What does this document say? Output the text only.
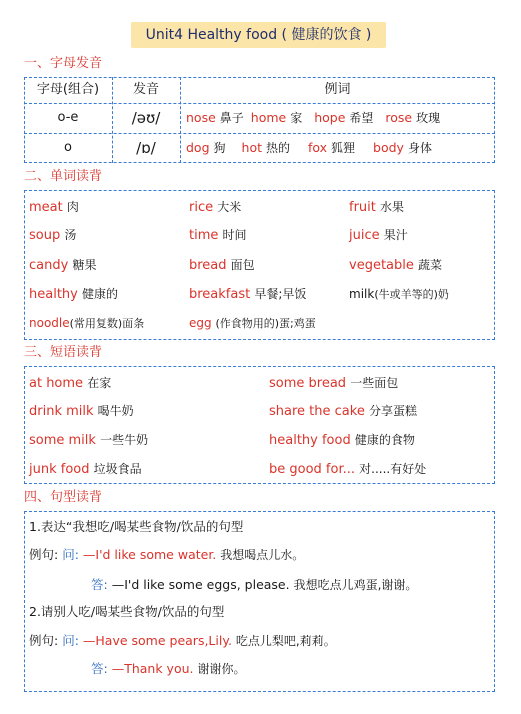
Unit4 Healthy food ( 健康的饮食 )
一、字母发音
字母(组合)	发音	例词
o-e	/əʊ/	nose 鼻子 home 家 hope 希望 rose 玫瑰
o	/ɒ/	dog 狗 hot 热的 fox 狐狸 body 身体
二、单词读背
meat 肉	rice 大米	fruit 水果
soup 汤	time 时间	juice 果汁
candy 糖果	bread 面包	vegetable 蔬菜
healthy 健康的	breakfast 早餐;早饭	milk(牛或羊等的)奶
noodle(常用复数)面条	egg (作食物用的)蛋;鸡蛋
三、短语读背
at home 在家	some bread 一些面包
drink milk 喝牛奶	share the cake 分享蛋糕
some milk 一些牛奶	healthy food 健康的食物
junk food 垃圾食品	be good for... 对.....有好处
四、句型读背
1.表达“我想吃/喝某些食物/饮品的句型
例句: 问: —I'd like some water. 我想喝点儿水。
答: —I'd like some eggs, please. 我想吃点儿鸡蛋,谢谢。
2.请别人吃/喝某些食物/饮品的句型
例句: 问: —Have some pears,Lily. 吃点儿梨吧,莉莉。
答: —Thank you. 谢谢你。
